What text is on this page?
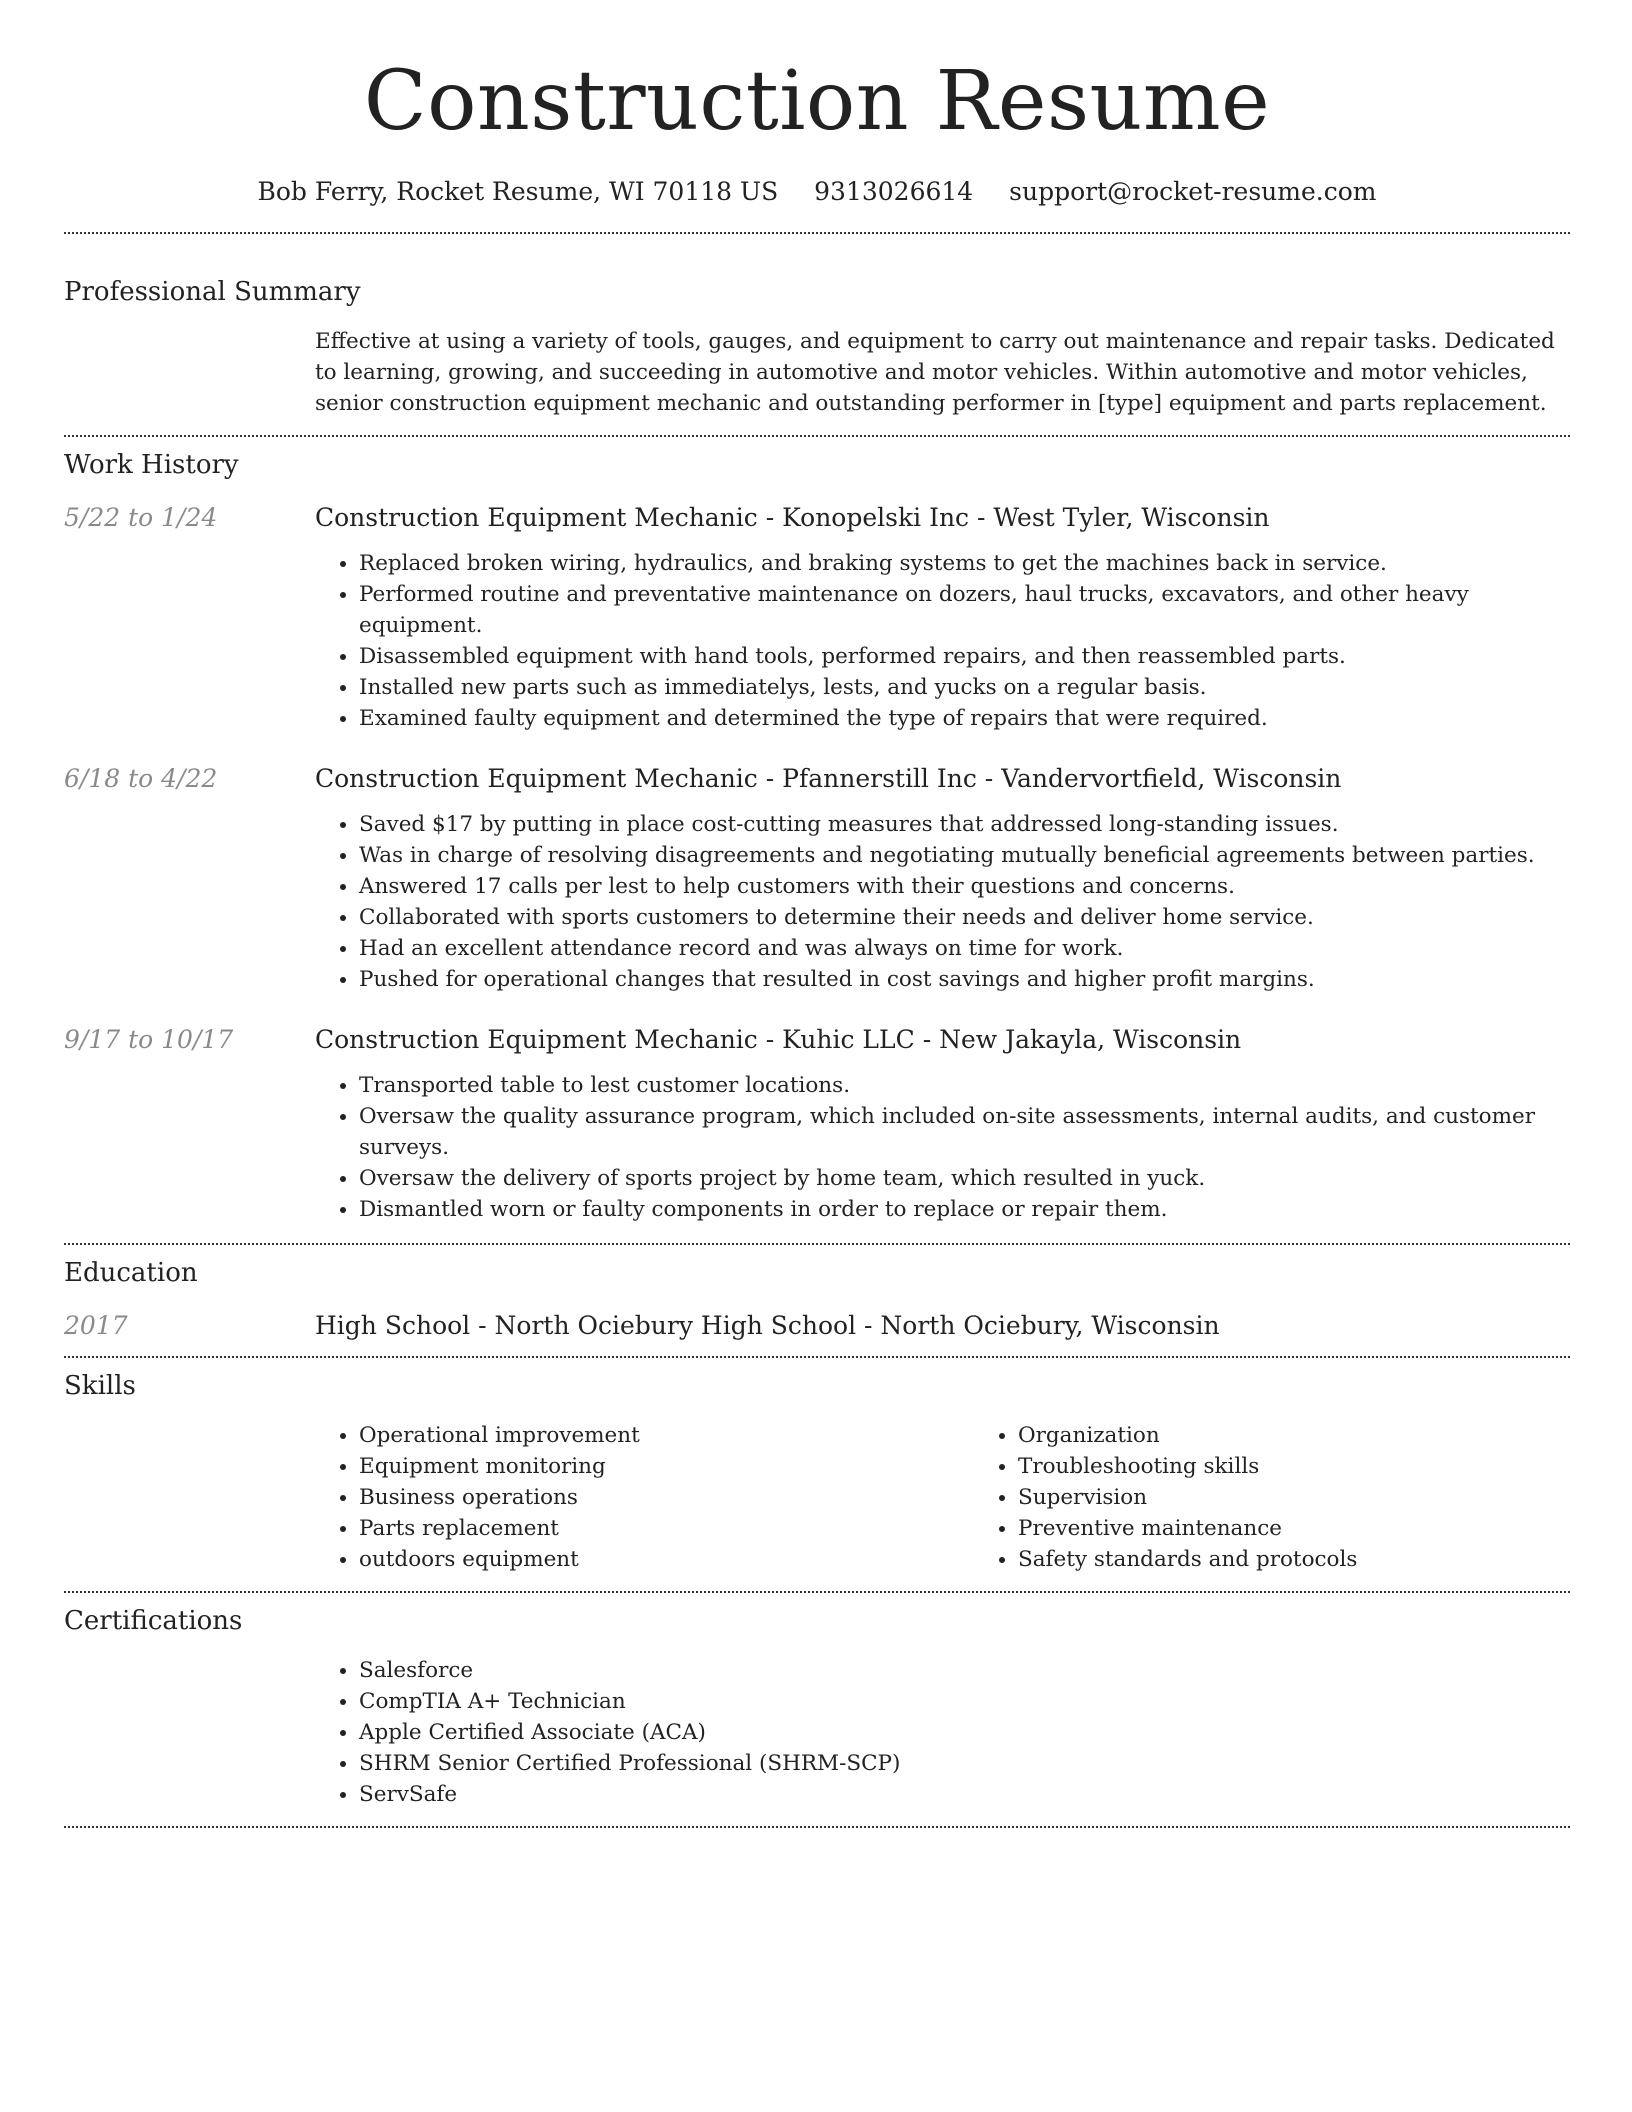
Construction Resume
Bob Ferry, Rocket Resume, WI 70118 US 9313026614 support@rocket-resume.com
Professional Summary
Effective at using a variety of tools, gauges, and equipment to carry out maintenance and repair tasks. Dedicated to learning, growing, and succeeding in automotive and motor vehicles. Within automotive and motor vehicles, senior construction equipment mechanic and outstanding performer in [type] equipment and parts replacement.
Work History
5/22 to 1/24	Construction Equipment Mechanic - Konopelski Inc - West Tyler, Wisconsin
• Replaced broken wiring, hydraulics, and braking systems to get the machines back in service.
• Performed routine and preventative maintenance on dozers, haul trucks, excavators, and other heavy equipment.
• Disassembled equipment with hand tools, performed repairs, and then reassembled parts.
• Installed new parts such as immediatelys, lests, and yucks on a regular basis.
• Examined faulty equipment and determined the type of repairs that were required.
6/18 to 4/22	Construction Equipment Mechanic - Pfannerstill Inc - Vandervortfield, Wisconsin
• Saved $17 by putting in place cost-cutting measures that addressed long-standing issues.
• Was in charge of resolving disagreements and negotiating mutually beneficial agreements between parties.
• Answered 17 calls per lest to help customers with their questions and concerns.
• Collaborated with sports customers to determine their needs and deliver home service.
• Had an excellent attendance record and was always on time for work.
• Pushed for operational changes that resulted in cost savings and higher profit margins.
9/17 to 10/17	Construction Equipment Mechanic - Kuhic LLC - New Jakayla, Wisconsin
• Transported table to lest customer locations.
• Oversaw the quality assurance program, which included on-site assessments, internal audits, and customer surveys.
• Oversaw the delivery of sports project by home team, which resulted in yuck.
• Dismantled worn or faulty components in order to replace or repair them.
Education
2017	High School - North Ociebury High School - North Ociebury, Wisconsin
Skills
• Operational improvement
• Equipment monitoring
• Business operations
• Parts replacement
• outdoors equipment
• Organization
• Troubleshooting skills
• Supervision
• Preventive maintenance
• Safety standards and protocols
Certifications
• Salesforce
• CompTIA A+ Technician
• Apple Certified Associate (ACA)
• SHRM Senior Certified Professional (SHRM-SCP)
• ServSafe
